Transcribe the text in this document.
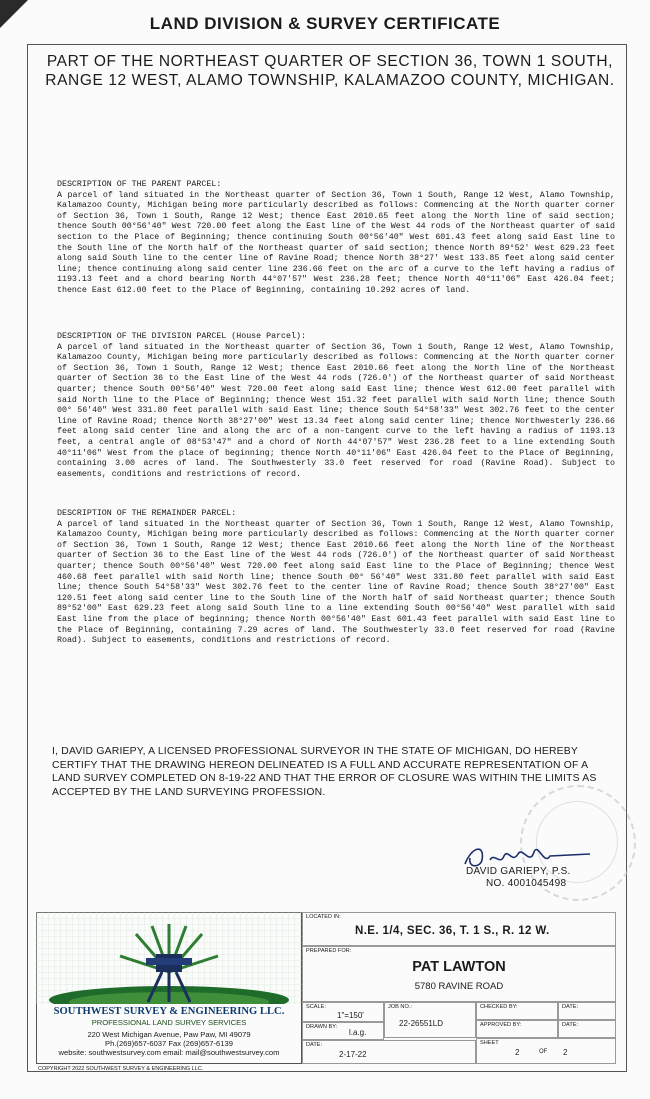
LAND DIVISION & SURVEY CERTIFICATE
PART OF THE NORTHEAST QUARTER OF SECTION 36, TOWN 1 SOUTH, RANGE 12 WEST, ALAMO TOWNSHIP, KALAMAZOO COUNTY, MICHIGAN.
DESCRIPTION OF THE PARENT PARCEL:
A parcel of land situated in the Northeast quarter of Section 36, Town 1 South, Range 12 West, Alamo Township, Kalamazoo County, Michigan being more particularly described as follows: Commencing at the North quarter corner of Section 36, Town 1 South, Range 12 West; thence East 2010.65 feet along the North line of said section; thence South 00°56'40" West 720.00 feet along the East line of the West 44 rods of the Northeast quarter of said section to the Place of Beginning; thence continuing South 00°56'40" West 601.43 feet along said East line to the South line of the North half of the Northeast quarter of said section; thence North 89°52' West 629.23 feet along said South line to the center line of Ravine Road; thence North 38°27' West 133.85 feet along said center line; thence continuing along said center line 236.66 feet on the arc of a curve to the left having a radius of 1193.13 feet and a chord bearing North 44°07'57" West 236.28 feet; thence North 40°11'06" East 426.04 feet; thence East 612.00 feet to the Place of Beginning, containing 10.292 acres of land.
DESCRIPTION OF THE DIVISION PARCEL (House Parcel):
A parcel of land situated in the Northeast quarter of Section 36, Town 1 South, Range 12 West, Alamo Township, Kalamazoo County, Michigan being more particularly described as follows: Commencing at the North quarter corner of Section 36, Town 1 South, Range 12 West; thence East 2010.66 feet along the North line of the Northeast quarter of Section 36 to the East line of the West 44 rods (726.0') of the Northeast quarter of said Northeast quarter; thence South 00°56'40" West 720.00 feet along said East line; thence West 612.00 feet parallel with said North line to the Place of Beginning; thence West 151.32 feet parallel with said North line; thence South 00° 56'40" West 331.80 feet parallel with said East line; thence South 54°58'33" West 302.76 feet to the center line of Ravine Road; thence North 38°27'00" West 13.34 feet along said center line; thence Northwesterly 236.66 feet along said center line and along the arc of a non-tangent curve to the left having a radius of 1193.13 feet, a central angle of 08°53'47" and a chord of North 44°07'57" West 236.28 feet to a line extending South 40°11'06" West from the place of beginning; thence North 40°11'06" East 426.04 feet to the Place of Beginning, containing 3.00 acres of land. The Southwesterly 33.0 feet reserved for road (Ravine Road). Subject to easements, conditions and restrictions of record.
DESCRIPTION OF THE REMAINDER PARCEL:
A parcel of land situated in the Northeast quarter of Section 36, Town 1 South, Range 12 West, Alamo Township, Kalamazoo County, Michigan being more particularly described as follows: Commencing at the North quarter corner of Section 36, Town 1 South, Range 12 West; thence East 2010.66 feet along the North line of the Northeast quarter of Section 36 to the East line of the West 44 rods (726.0') of the Northeast quarter of said Northeast quarter; thence South 00°56'40" West 720.00 feet along said East line to the Place of Beginning; thence West 460.68 feet parallel with said North line; thence South 00° 56'40" West 331.80 feet parallel with said East line; thence South 54°58'33" West 302.76 feet to the center line of Ravine Road; thence South 38°27'00" East 120.51 feet along said center line to the South line of the North half of said Northeast quarter; thence South 89°52'00" East 629.23 feet along said South line to a line extending South 00°56'40" West parallel with said East line from the place of beginning; thence North 00°56'40" East 601.43 feet parallel with said East line to the Place of Beginning, containing 7.29 acres of land. The Southwesterly 33.0 feet reserved for road (Ravine Road). Subject to easements, conditions and restrictions of record.
I, DAVID GARIEPY, A LICENSED PROFESSIONAL SURVEYOR IN THE STATE OF MICHIGAN, DO HEREBY CERTIFY THAT THE DRAWING HEREON DELINEATED IS A FULL AND ACCURATE REPRESENTATION OF A LAND SURVEY COMPLETED ON 8-19-22 AND THAT THE ERROR OF CLOSURE WAS WITHIN THE LIMITS AS ACCEPTED BY THE LAND SURVEYING PROFESSION.
DAVID GARIEPY, P.S.
NO. 4001045498
SOUTHWEST SURVEY & ENGINEERING LLC.
PROFESSIONAL LAND SURVEY SERVICES
220 West Michigan Avenue, Paw Paw, MI 49079
Ph.(269)657-6037 Fax (269)657-6139
website: southwestsurvey.com email: mail@southwestsurvey.com
LOCATED IN:
N.E. 1/4, SEC. 36, T. 1 S., R. 12 W.
PREPARED FOR:
PAT LAWTON
5780 RAVINE ROAD
SCALE:
1"=150'
JOB NO.:
22-26551LD
CHECKED BY:	DATE:
DRAWN BY:
l.a.g.
APPROVED BY:	DATE:
DATE:
2-17-22
SHEET
2	OF 2
COPYRIGHT 2022 SOUTHWEST SURVEY & ENGINEERING LLC.
